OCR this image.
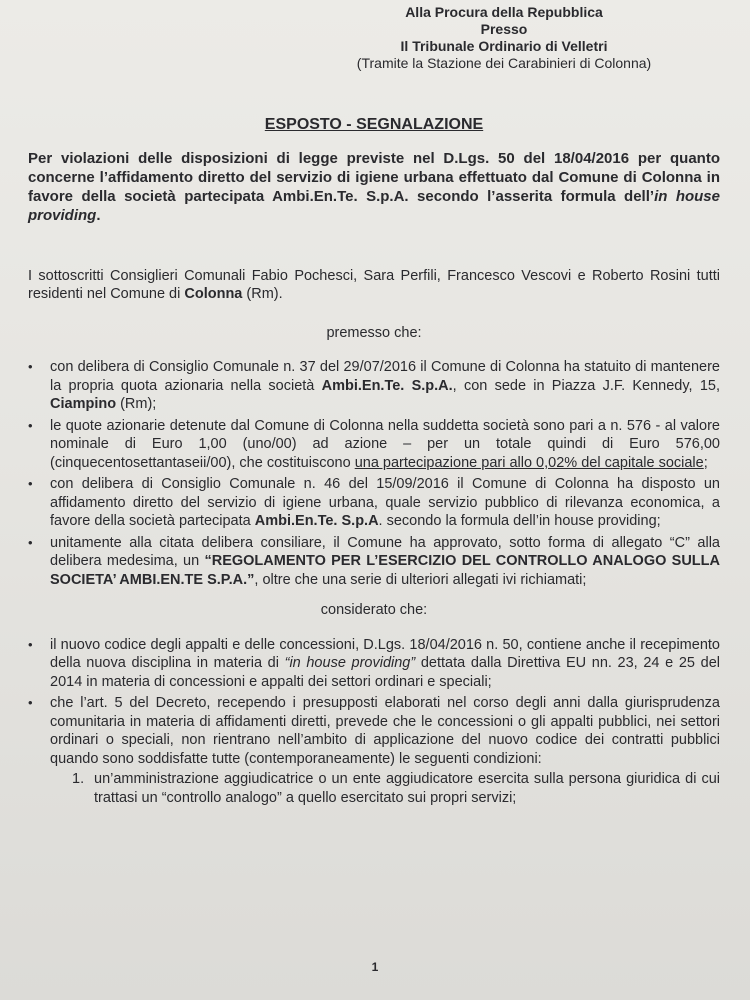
Alla Procura della Repubblica
Presso
Il Tribunale Ordinario di Velletri
(Tramite la Stazione dei Carabinieri di Colonna)
ESPOSTO - SEGNALAZIONE

Per violazioni delle disposizioni di legge previste nel D.Lgs. 50 del 18/04/2016 per quanto concerne l’affidamento diretto del servizio di igiene urbana effettuato dal Comune di Colonna in favore della società partecipata Ambi.En.Te. S.p.A. secondo l’asserita formula dell’in house providing.

I sottoscritti Consiglieri Comunali Fabio Pochesci, Sara Perfili, Francesco Vescovi e Roberto Rosini tutti residenti nel Comune di Colonna (Rm).

premesso che:
• con delibera di Consiglio Comunale n. 37 del 29/07/2016 il Comune di Colonna ha statuito di mantenere la propria quota azionaria nella società Ambi.En.Te. S.p.A., con sede in Piazza J.F. Kennedy, 15, Ciampino (Rm);
• le quote azionarie detenute dal Comune di Colonna nella suddetta società sono pari a n. 576 - al valore nominale di Euro 1,00 (uno/00) ad azione – per un totale quindi di Euro 576,00 (cinquecentosettantaseii/00), che costituiscono una partecipazione pari allo 0,02% del capitale sociale;
• con delibera di Consiglio Comunale n. 46 del 15/09/2016 il Comune di Colonna ha disposto un affidamento diretto del servizio di igiene urbana, quale servizio pubblico di rilevanza economica, a favore della società partecipata Ambi.En.Te. S.p.A. secondo la formula dell’in house providing;
• unitamente alla citata delibera consiliare, il Comune ha approvato, sotto forma di allegato “C” alla delibera medesima, un “REGOLAMENTO PER L’ESERCIZIO DEL CONTROLLO ANALOGO SULLA SOCIETA’ AMBI.EN.TE S.P.A.”, oltre che una serie di ulteriori allegati ivi richiamati;
considerato che:
• il nuovo codice degli appalti e delle concessioni, D.Lgs. 18/04/2016 n. 50, contiene anche il recepimento della nuova disciplina in materia di “in house providing” dettata dalla Direttiva EU nn. 23, 24 e 25 del 2014 in materia di concessioni e appalti dei settori ordinari e speciali;
• che l’art. 5 del Decreto, recependo i presupposti elaborati nel corso degli anni dalla giurisprudenza comunitaria in materia di affidamenti diretti, prevede che le concessioni o gli appalti pubblici, nei settori ordinari o speciali, non rientrano nell’ambito di applicazione del nuovo codice dei contratti pubblici quando sono soddisfatte tutte (contemporaneamente) le seguenti condizioni:
1. un’amministrazione aggiudicatrice o un ente aggiudicatore esercita sulla persona giuridica di cui trattasi un “controllo analogo” a quello esercitato sui propri servizi;
1
